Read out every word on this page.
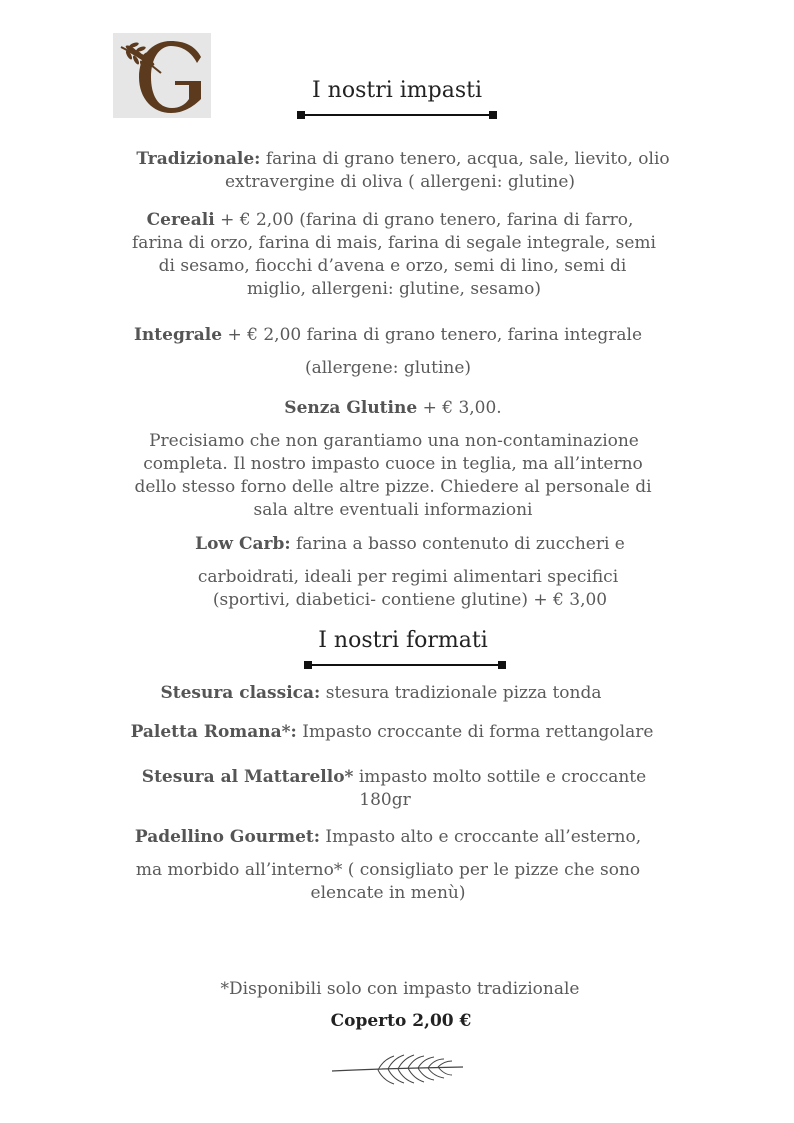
I nostri impasti
Tradizionale: farina di grano tenero, acqua, sale, lievito, olio
extravergine di oliva ( allergeni: glutine)
Cereali + € 2,00 (farina di grano tenero, farina di farro,
farina di orzo, farina di mais, farina di segale integrale, semi
di sesamo, fiocchi d’avena e orzo, semi di lino, semi di
miglio, allergeni: glutine, sesamo)
Integrale + € 2,00 farina di grano tenero, farina integrale
(allergene: glutine)
Senza Glutine + € 3,00.
Precisiamo che non garantiamo una non-contaminazione
completa. Il nostro impasto cuoce in teglia, ma all’interno
dello stesso forno delle altre pizze. Chiedere al personale di
sala altre eventuali informazioni
Low Carb: farina a basso contenuto di zuccheri e
carboidrati, ideali per regimi alimentari specifici
(sportivi, diabetici- contiene glutine) + € 3,00
I nostri formati
Stesura classica: stesura tradizionale pizza tonda
Paletta Romana*: Impasto croccante di forma rettangolare
Stesura al Mattarello* impasto molto sottile e croccante
180gr
Padellino Gourmet: Impasto alto e croccante all’esterno,
ma morbido all’interno* ( consigliato per le pizze che sono
elencate in menù)
*Disponibili solo con impasto tradizionale
Coperto 2,00 €
